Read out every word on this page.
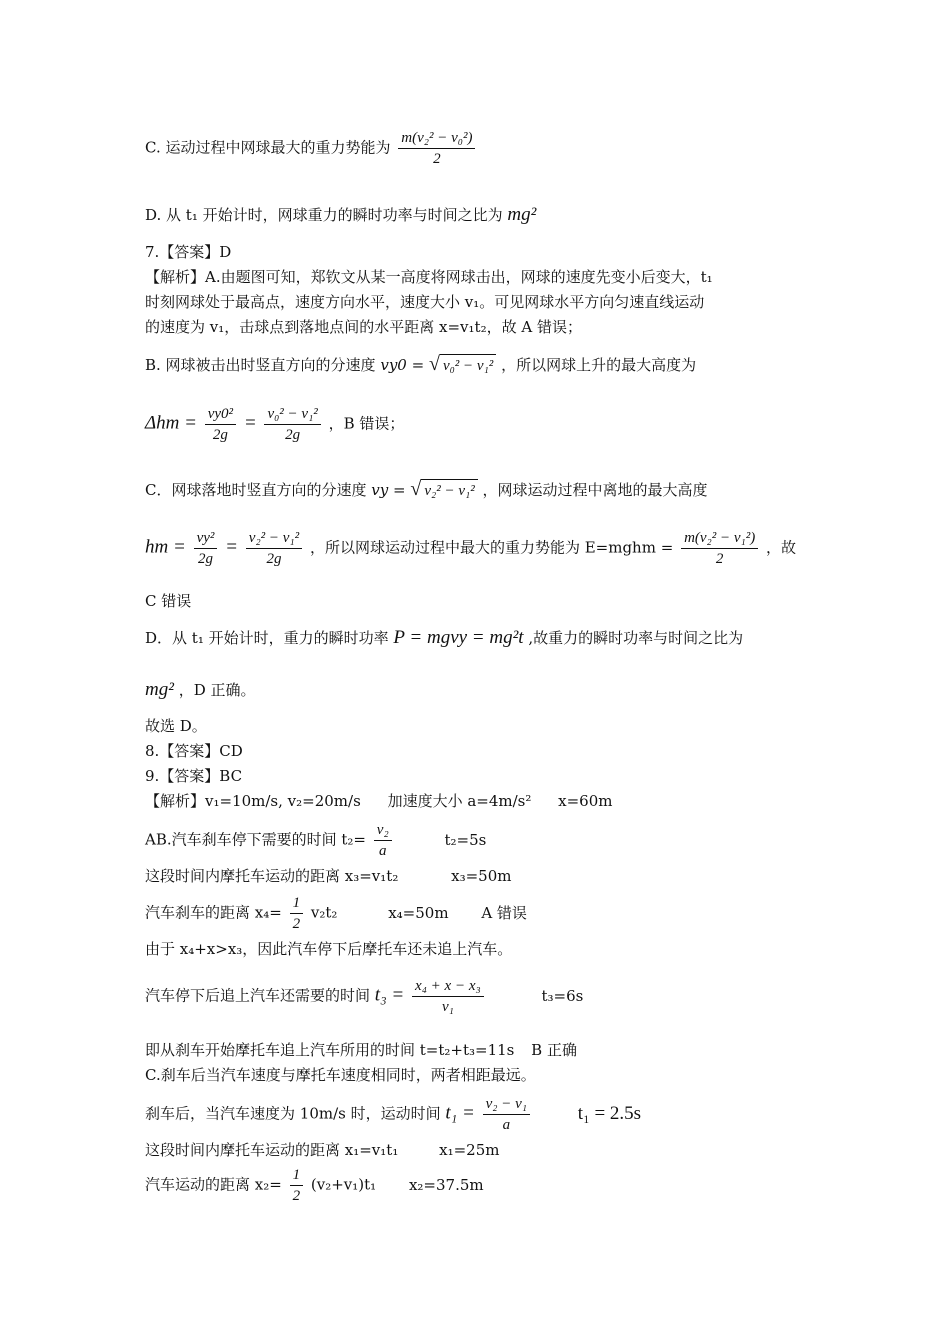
C. 运动过程中网球最大的重力势能为 $\frac{\text{m(v₂² − v₀²)}}{2}$
D. 从 t₁ 开始计时，网球重力的瞬时功率与时间之比为 mg²
7.【答案】D
【解析】A.由题图可知，郑钦文从某一高度将网球击出，网球的速度先变小后变大，t₁
时刻网球处于最高点，速度方向水平，速度大小 v₁。可见网球水平方向匀速直线运动
的速度为 v₁，击球点到落地点间的水平距离 x=v₁t₂，故 A 错误；
B. 网球被击出时竖直方向的分速度 vy0 = √ v₀² − v₁² ，所以网球上升的最大高度为
$\Delta hm = \frac{\text{vy0²}}{2g} = \frac{\text{v₀² − v₁²}}{2g}$ ，B 错误；
C．网球落地时竖直方向的分速度 vy = √ v₂² − v₁² ，网球运动过程中离地的最大高度
hm = $\frac{\text{vy²}}{2g} = \frac{\text{v₂² − v₁²}}{2g}$ ，所以网球运动过程中最大的重力势能为 E=mghm = $\frac{\text{m(v₂² − v₁²)}}{2}$ ，故
C 错误
D．从 t₁ 开始计时，重力的瞬时功率 P = mgvy = mg²t ,故重力的瞬时功率与时间之比为
mg² ，D 正确。
故选 D。
8.【答案】CD
9.【答案】BC
【解析】v₁=10m/s, v₂=20m/s 加速度大小 a=4m/s² x=60m
AB.汽车刹车停下需要的时间 $t_2= \frac{\text{v₂}}{a}$	t₂=5s
这段时间内摩托车运动的距离 x₃=v₁t₂	x₃=50m
汽车刹车的距离 $x_4= \frac{1}{2} v_2t_2$	x₄=50m A 错误
由于 x₄+x>x₃，因此汽车停下后摩托车还未追上汽车。
汽车停下后追上汽车还需要的时间 $t_3 = \frac{\text{x₄ + x − x₃}}{\text{v₁}}$	t₃=6s
即从刹车开始摩托车追上汽车所用的时间 t=t₂+t₃=11s B 正确
C.刹车后当汽车速度与摩托车速度相同时，两者相距最远。
刹车后，当汽车速度为 10m/s 时，运动时间 $t_1 = \frac{\text{v₂ − v₁}}{a}$	t₁ = 2.5s
这段时间内摩托车运动的距离 x₁=v₁t₁	x₁=25m
汽车运动的距离 $x_2= \frac{1}{2} (v_2+v_1)t_1$ x₂=37.5m
